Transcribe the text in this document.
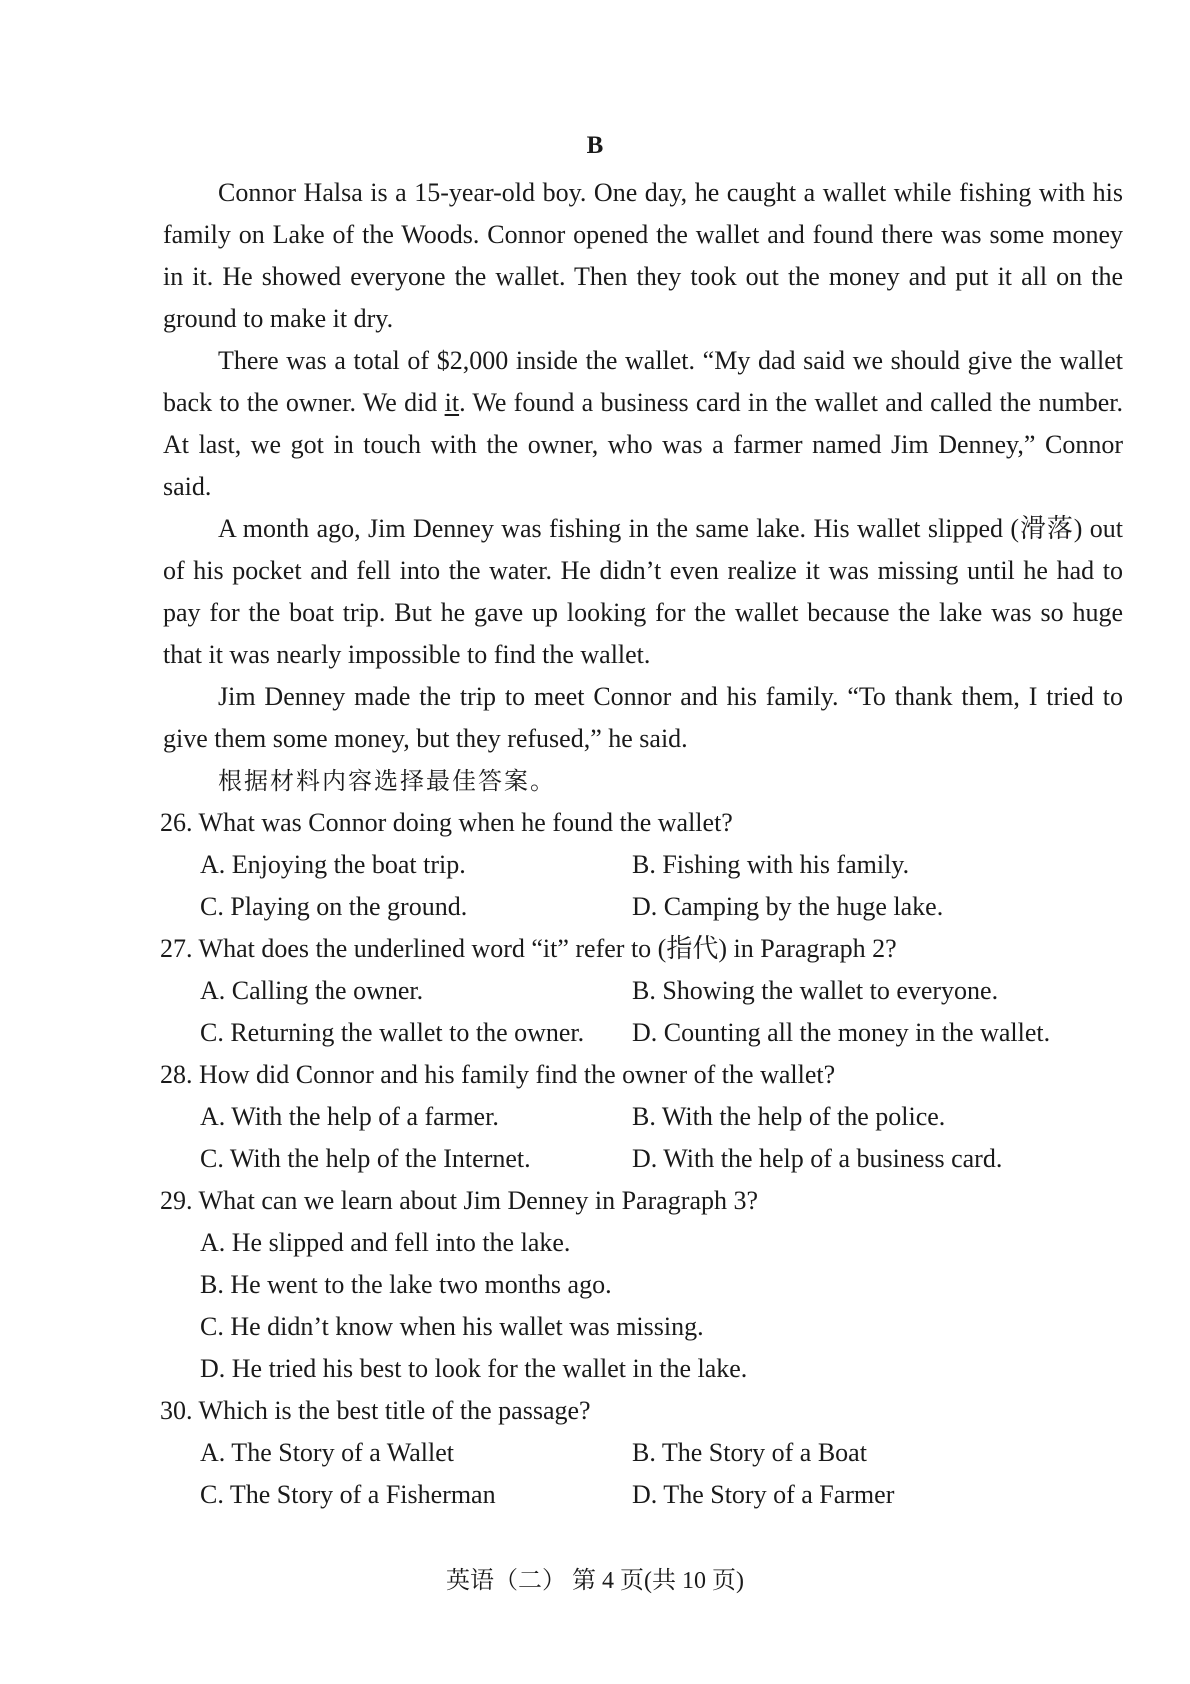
B

Connor Halsa is a 15-year-old boy. One day, he caught a wallet while fishing with his family on Lake of the Woods. Connor opened the wallet and found there was some money in it. He showed everyone the wallet. Then they took out the money and put it all on the ground to make it dry.

There was a total of $2,000 inside the wallet. “My dad said we should give the wallet back to the owner. We did it. We found a business card in the wallet and called the number. At last, we got in touch with the owner, who was a farmer named Jim Denney,” Connor said.

A month ago, Jim Denney was fishing in the same lake. His wallet slipped (滑落) out of his pocket and fell into the water. He didn’t even realize it was missing until he had to pay for the boat trip. But he gave up looking for the wallet because the lake was so huge that it was nearly impossible to find the wallet.

Jim Denney made the trip to meet Connor and his family. “To thank them, I tried to give them some money, but they refused,” he said.

根据材料内容选择最佳答案。

26. What was Connor doing when he found the wallet?

A. Enjoying the boat trip.	B. Fishing with his family.
C. Playing on the ground.	D. Camping by the huge lake.

27. What does the underlined word “it” refer to (指代) in Paragraph 2?

A. Calling the owner.	B. Showing the wallet to everyone.
C. Returning the wallet to the owner.	D. Counting all the money in the wallet.

28. How did Connor and his family find the owner of the wallet?

A. With the help of a farmer.	B. With the help of the police.
C. With the help of the Internet.	D. With the help of a business card.

29. What can we learn about Jim Denney in Paragraph 3?

A. He slipped and fell into the lake.
B. He went to the lake two months ago.
C. He didn’t know when his wallet was missing.
D. He tried his best to look for the wallet in the lake.

30. Which is the best title of the passage?

A. The Story of a Wallet	B. The Story of a Boat
C. The Story of a Fisherman	D. The Story of a Farmer
英语（二） 第 4 页(共 10 页)
